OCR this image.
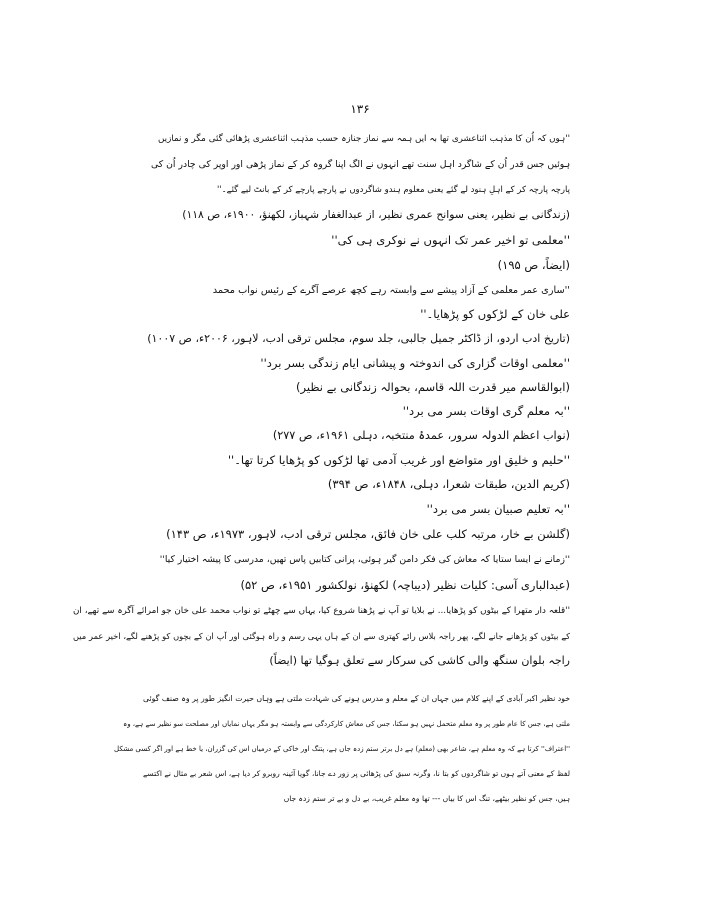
۱۳۶
''ہوں کہ اُن کا مذہب اثناعشری تھا بہ ایں ہمہ سے نماز جنازہ حسب مذہب اثناعشری پڑھائی گئی مگر و نمازیں
ہوئیں جس قدر اُن کے شاگرد اہل سنت تھے انہوں نے الگ اپنا گروہ کر کے نماز پڑھی اور اوپر کی چادر اُن کی
پارچہ پارچہ کر کے اہلِ ہنود لے گئے یعنی معلوم ہندو شاگردوں نے پارچے پارچے کر کے بانٹ لیے گئے۔''
(زندگانی بے نظیر، یعنی سوانح عمری نظیر، از عبدالغفار شہباز، لکھنؤ، ۱۹۰۰ء، ص ۱۱۸)
''معلمی تو اخیر عمر تک انہوں نے نوکری ہی کی''
(ایضاً، ص ۱۹۵)
''ساری عمر معلمی کے آزاد پیشے سے وابستہ رہے کچھ عرصے آگرے کے رئیس نواب محمد
علی خان کے لڑکوں کو پڑھایا۔''
(تاریخ ادب اردو، از ڈاکٹر جمیل جالبی، جلد سوم، مجلس ترقی ادب، لاہور، ۲۰۰۶ء، ص ۱۰۰۷)
''معلمی اوقات گزاری کی اندوختہ و پیشانی ایام زندگی بسر برد''
(ابوالقاسم میر قدرت اللہ قاسم، بحوالہ زندگانی بے نظیر)
''بہ معلم گری اوقات بسر می برد''
(نواب اعظم الدولہ سرور، عمدۂ منتخبہ، دہلی ۱۹۶۱ء، ص ۲۷۷)
''حلیم و خلیق اور متواضع اور غریب آدمی تھا لڑکوں کو پڑھایا کرتا تھا۔''
(کریم الدین، طبقات شعرا، دہلی، ۱۸۴۸ء، ص ۳۹۴)
''بہ تعلیم صبیان بسر می برد''
(گلشن بے خار، مرتبہ کلب علی خان فائق، مجلس ترقی ادب، لاہور، ۱۹۷۳ء، ص ۱۴۳)
''زمانے نے ایسا ستایا کہ معاش کی فکر دامن گیر ہوئی، پرانی کتابیں پاس تھیں، مدرسی کا پیشہ اختیار کیا''
(عبدالباری آسی: کلیات نظیر (دیباچہ) لکھنؤ، نولکشور ۱۹۵۱ء، ص ۵۲)
''قلعہ دار متھرا کے بیٹوں کو پڑھایا... نے بلایا تو آپ نے پڑھنا شروع کیا، یہاں سے چھٹے تو نواب محمد علی خان جو امرائے آگرہ سے تھے، ان
کے بیٹوں کو پڑھانے جانے لگے، پھر راجہ بلاس رائے کھتری سے ان کے ہاں یہی رسم و راہ ہوگئی اور آپ ان کے بچوں کو پڑھنے لگے، اخیر عمر میں
راجہ بلوان سنگھ والی کاشی کی سرکار سے تعلق ہوگیا تھا (ایضاً)
خود نظیر اکبر آبادی کے اپنے کلام میں جہاں ان کے معلم و مدرس ہونے کی شہادت ملتی ہے وہاں حیرت انگیز طور پر وہ صنف گوئی
ملتی ہے، جس کا عام طور پر وہ معلم متحمل نہیں ہو سکتا، جس کی معاش کارکردگی سے وابستہ ہو مگر یہاں نمایاں اور مصلحت سو نظیر سے ہے، وہ
''اعتراف'' کرتا ہے کہ وہ معلم ہے، شاعر بھی (معلم) ہے دل برتر ستم زدہ جاں ہے، پتنگ اور خاکی کے درمیاں اس کی گزران، یا خط ہے اور اگر کسی مشکل
لفظ کے معنی آتے ہوں تو شاگردوں کو بتا نا، وگرنہ سبق کی پڑھائی پر زور دے جانا، گویا آئینہ روبرو کر دیا ہے، اس شعر بے مثال نے اکتسے
ہیں، جس کو نظیر بیٹھے، تنگ اس کا بیاں --- تھا وہ معلم غریب، بے دل و بے تر ستم زدہ جاں
